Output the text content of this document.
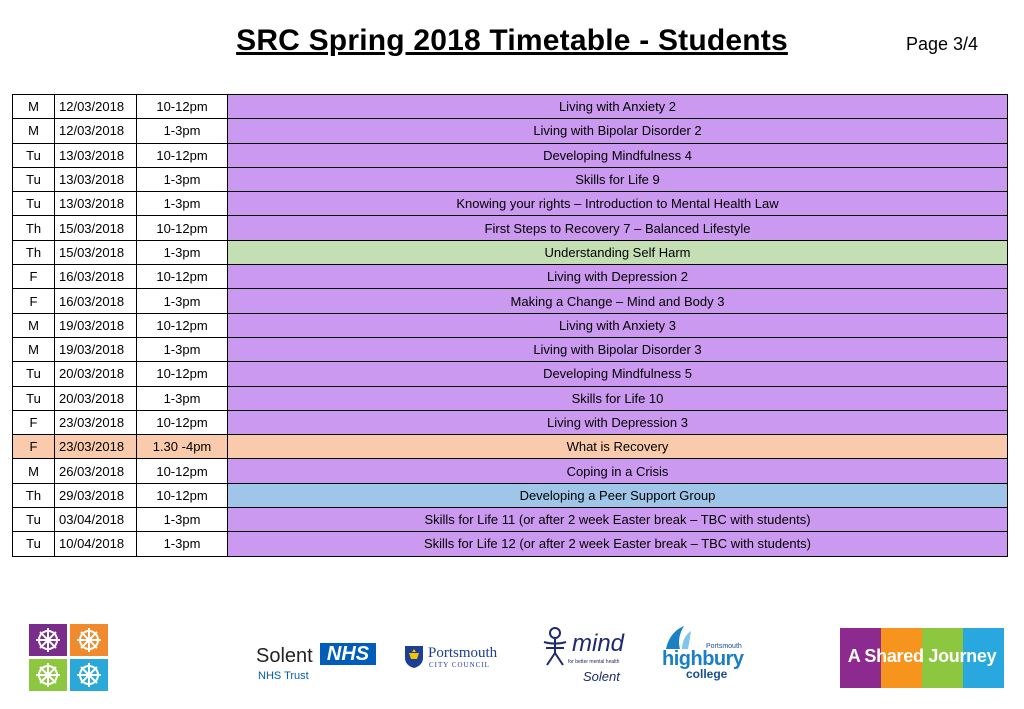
SRC Spring 2018 Timetable - Students	Page 3/4
M	12/03/2018	10-12pm	Living with Anxiety 2
M	12/03/2018	1-3pm	Living with Bipolar Disorder 2
Tu	13/03/2018	10-12pm	Developing Mindfulness 4
Tu	13/03/2018	1-3pm	Skills for Life 9
Tu	13/03/2018	1-3pm	Knowing your rights – Introduction to Mental Health Law
Th	15/03/2018	10-12pm	First Steps to Recovery 7 – Balanced Lifestyle
Th	15/03/2018	1-3pm	Understanding Self Harm
F	16/03/2018	10-12pm	Living with Depression 2
F	16/03/2018	1-3pm	Making a Change – Mind and Body 3
M	19/03/2018	10-12pm	Living with Anxiety 3
M	19/03/2018	1-3pm	Living with Bipolar Disorder 3
Tu	20/03/2018	10-12pm	Developing Mindfulness 5
Tu	20/03/2018	1-3pm	Skills for Life 10
F	23/03/2018	10-12pm	Living with Depression 3
F	23/03/2018	1.30 -4pm	What is Recovery
M	26/03/2018	10-12pm	Coping in a Crisis
Th	29/03/2018	10-12pm	Developing a Peer Support Group
Tu	03/04/2018	1-3pm	Skills for Life 11 (or after 2 week Easter break – TBC with students)
Tu	10/04/2018	1-3pm	Skills for Life 12 (or after 2 week Easter break – TBC with students)
Solent NHS
NHS Trust
Portsmouth
CITY COUNCIL
mind
for better mental health
Solent
Portsmouth
highbury
college
A Shared Journey
